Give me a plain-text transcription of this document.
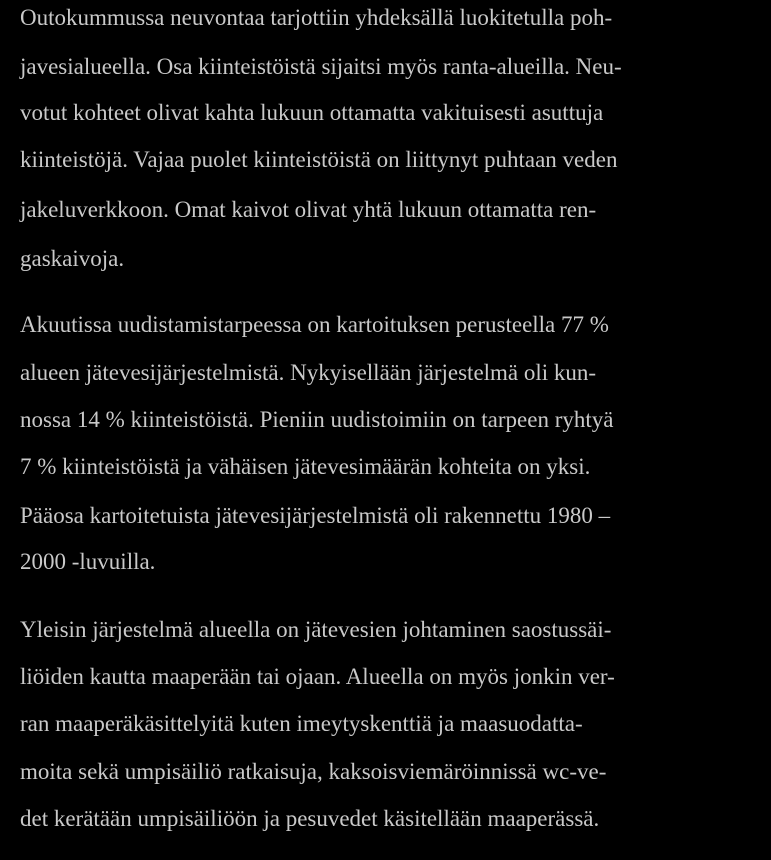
Outokummussa neuvontaa tarjottiin yhdeksällä luokitetulla poh-
javesialueella. Osa kiinteistöistä sijaitsi myös ranta-alueilla. Neu-
votut kohteet olivat kahta lukuun ottamatta vakituisesti asuttuja
kiinteistöjä. Vajaa puolet kiinteistöistä on liittynyt puhtaan veden
jakeluverkkoon. Omat kaivot olivat yhtä lukuun ottamatta ren-
gaskaivoja.
Akuutissa uudistamistarpeessa on kartoituksen perusteella 77 %
alueen jätevesijärjestelmistä. Nykyisellään järjestelmä oli kun-
nossa 14 % kiinteistöistä. Pieniin uudistoimiin on tarpeen ryhtyä
7 % kiinteistöistä ja vähäisen jätevesimäärän kohteita on yksi.
Pääosa kartoitetuista jätevesijärjestelmistä oli rakennettu 1980 –
2000 -luvuilla.
Yleisin järjestelmä alueella on jätevesien johtaminen saostussäi-
liöiden kautta maaperään tai ojaan. Alueella on myös jonkin ver-
ran maaperäkäsittelyitä kuten imeytyskenttiä ja maasuodatta-
moita sekä umpisäiliö ratkaisuja, kaksoisviemäröinnissä wc-ve-
det kerätään umpisäiliöön ja pesuvedet käsitellään maaperässä.
